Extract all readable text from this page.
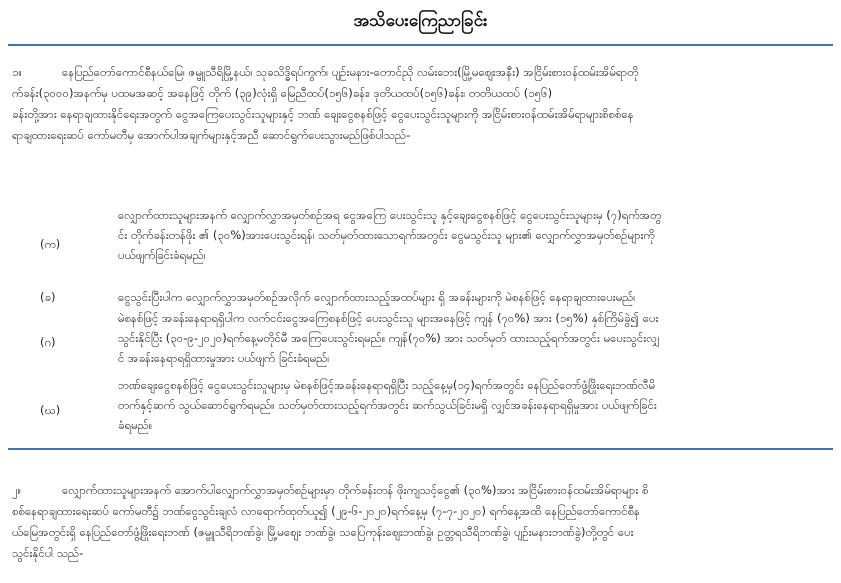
အသိပေးကြေညာခြင်း
၁။	နေပြည်တော်ကောင်စီနယ်မြေ၊ ဇမ္ဗူသီရိမြို့နယ်၊ သုခသိဒ္ဓိရပ်ကွက်၊ ပျဉ်းမနား-တောင်ညို လမ်းဘေး(မြို့မဈေးအနီး) အငြိမ်းစားဝန်ထမ်းအိမ်ရာတို
က်ခန်း(၃၀၀၀)အနက်မှ ပထမအဆင့် အနေဖြင့် တိုက် (၃၉)လုံးရှိ မြေညီထပ်(၁၅၆)ခန်း၊ ဒုတိယထပ်(၁၅၆)ခန်း၊ တတိယထပ် (၁၅၆)
ခန်းတို့အား နေရာချထားနိုင်ရေးအတွက် ငွေအကြေပေးသွင်းသူများနှင့် ဘဏ် ချေးငွေစနစ်ဖြင့် ငွေပေးသွင်းသူများကို အငြိမ်းစားဝန်ထမ်းအိမ်ရာများစိစစ်နေ
ရာချထားရေးဆပ် ကော်မတီမှ အောက်ပါအချက်များနှင့်အညီ ဆောင်ရွက်ပေးသွားမည်ဖြစ်ပါသည်-
(က)
လျှောက်ထားသူများအနက် လျှောက်လွှာအမှတ်စဉ်အရ ငွေအကြေ ပေးသွင်းသူ နှင့်ချေးငွေစနစ်ဖြင့် ငွေပေးသွင်းသူများမှ (၇)ရက်အတွ
င်း တိုက်ခန်းတန်ဖိုး ၏ (၃၀%)အားပေးသွင်းရန်၊ သတ်မှတ်ထားသောရက်အတွင်း ငွေမသွင်းသူ များ၏ လျှောက်လွှာအမှတ်စဉ်များကို
ပယ်ဖျက်ခြင်းခံရမည်၊
(ခ)	ငွေသွင်းပြီးပါက လျှောက်လွှာအမှတ်စဉ်အလိုက် လျှောက်ထားသည့်အထပ်များ ရှိ အခန်းများကို မဲစနစ်ဖြင့် နေရာချထားပေးမည်၊
(ဂ)
မဲစနစ်ဖြင့် အခန်းနေရာရရှိပါက လက်ငင်းငွေအကြေစနစ်ဖြင့် ပေးသွင်းသူ များအနေဖြင့် ကျန် (၇၀%) အား (၁၅%) နှစ်ကြိမ်ခွဲ၍ ပေး
သွင်းနိုင်ပြီး (၃၀-၉-၂၀၂၀)ရက်နေ့မတိုင်မီ အကြေပေးသွင်းရမည်။ ကျန်(၇၀%) အား သတ်မှတ် ထားသည့်ရက်အတွင်း မပေးသွင်းလျှ
င် အခန်းနေရာရရှိထားမှုအား ပယ်ဖျက် ခြင်းခံရမည်၊
(ဃ)
ဘဏ်ချေးငွေစနစ်ဖြင့် ငွေပေးသွင်းသူများမှ မဲစနစ်ဖြင့်အခန်းနေရာရရှိပြီး သည့်နေ့မှ(၁၄)ရက်အတွင်း နေပြည်တော်ဖွံ့ဖြိုးရေးဘဏ်လီမိ
တက်နှင့်ဆက် သွယ်ဆောင်ရွက်ရမည်။ သတ်မှတ်ထားသည့်ရက်အတွင်း ဆက်သွယ်ခြင်းမရှိ လျှင်အခန်းနေရာရရှိမှုအား ပယ်ဖျက်ခြင်း
ခံရမည်။
၂။	လျှောက်ထားသူများအနက် အောက်ပါလျှောက်လွှာအမှတ်စဉ်များမှာ တိုက်ခန်းတန် ဖိုးကျသင့်ငွေ၏ (၃၀%)အား အငြိမ်းစားဝန်ထမ်းအိမ်ရာများ စိ
စစ်နေရာချထားရေးဆပ် ကော်မတီ၌ ဘဏ်ငွေသွင်းချလံ လာရောက်ထုတ်ယူ၍ (၂၉-၆-၂၀၂၀)ရက်နေ့မှ (၇-၇-၂၀၂၀) ရက်နေ့အထိ နေပြည်တော်ကောင်စီန
ယ်မြေအတွင်းရှိ နေပြည်တော်ဖွံ့ဖြိုးရေးဘဏ် (ဇမ္ဗူသီရိဘဏ်ခွဲ၊ မြို့မဈေး ဘဏ်ခွဲ၊ သပြေကုန်းဈေးဘဏ်ခွဲ၊ ဥတ္တရသီရိဘဏ်ခွဲ၊ ပျဉ်းမနားဘဏ်ခွဲ)တို့တွင် ပေး
သွင်းနိုင်ပါ သည်-
